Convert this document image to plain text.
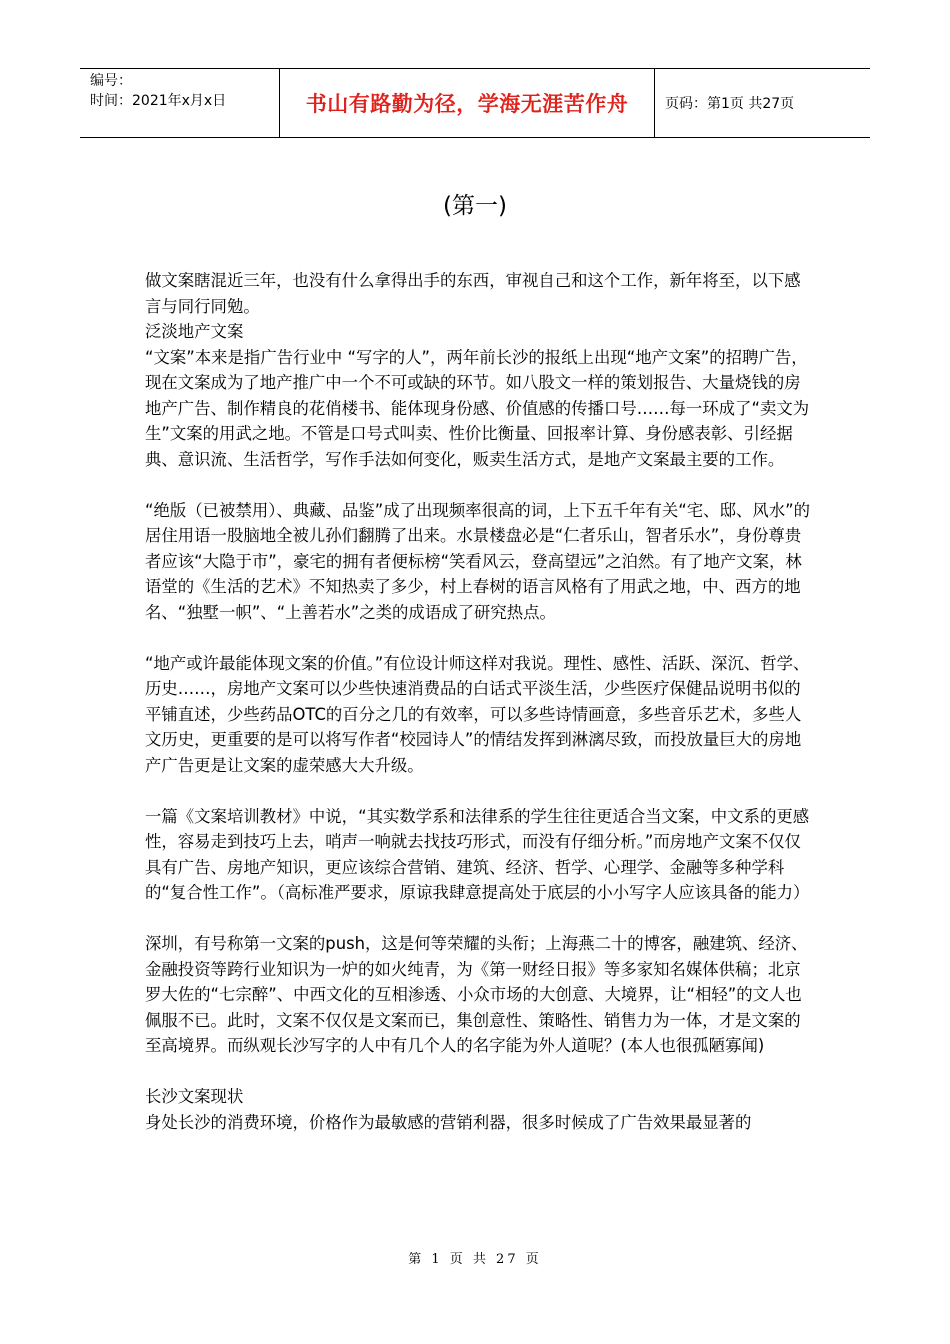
编号：
时间：2021年x月x日	书山有路勤为径，学海无涯苦作舟	页码：第1页 共27页
(第一)

做文案瞎混近三年，也没有什么拿得出手的东西，审视自己和这个工作，新年将至，以下感言与同行同勉。

泛淡地产文案

“文案”本来是指广告行业中 “写字的人”，两年前长沙的报纸上出现“地产文案”的招聘广告，现在文案成为了地产推广中一个不可或缺的环节。如八股文一样的策划报告、大量烧钱的房地产广告、制作精良的花俏楼书、能体现身份感、价值感的传播口号……每一环成了“卖文为生”文案的用武之地。不管是口号式叫卖、性价比衡量、回报率计算、身份感表彰、引经据典、意识流、生活哲学，写作手法如何变化，贩卖生活方式，是地产文案最主要的工作。

“绝版（已被禁用）、典藏、品鉴”成了出现频率很高的词，上下五千年有关“宅、邸、风水”的居住用语一股脑地全被儿孙们翻腾了出来。水景楼盘必是“仁者乐山，智者乐水”，身份尊贵者应该“大隐于市”，豪宅的拥有者便标榜“笑看风云，登高望远”之泊然。有了地产文案，林语堂的《生活的艺术》不知热卖了多少，村上春树的语言风格有了用武之地，中、西方的地名、“独墅一帜”、“上善若水”之类的成语成了研究热点。

“地产或许最能体现文案的价值。”有位设计师这样对我说。理性、感性、活跃、深沉、哲学、历史……，房地产文案可以少些快速消费品的白话式平淡生活，少些医疗保健品说明书似的平铺直述，少些药品OTC的百分之几的有效率，可以多些诗情画意，多些音乐艺术，多些人文历史，更重要的是可以将写作者“校园诗人”的情结发挥到淋漓尽致，而投放量巨大的房地产广告更是让文案的虚荣感大大升级。

一篇《文案培训教材》中说，“其实数学系和法律系的学生往往更适合当文案，中文系的更感性，容易走到技巧上去，哨声一响就去找技巧形式，而没有仔细分析。”而房地产文案不仅仅具有广告、房地产知识，更应该综合营销、建筑、经济、哲学、心理学、金融等多种学科的“复合性工作”。（高标准严要求，原谅我肆意提高处于底层的小小写字人应该具备的能力）

深圳，有号称第一文案的push，这是何等荣耀的头衔；上海燕二十的博客，融建筑、经济、金融投资等跨行业知识为一炉的如火纯青，为《第一财经日报》等多家知名媒体供稿；北京罗大佐的“七宗醉”、中西文化的互相渗透、小众市场的大创意、大境界，让“相轻”的文人也佩服不已。此时，文案不仅仅是文案而已，集创意性、策略性、销售力为一体，才是文案的至高境界。而纵观长沙写字的人中有几个人的名字能为外人道呢？(本人也很孤陋寡闻)

长沙文案现状

身处长沙的消费环境，价格作为最敏感的营销利器，很多时候成了广告效果最显著的

第 1 页 共 27 页
